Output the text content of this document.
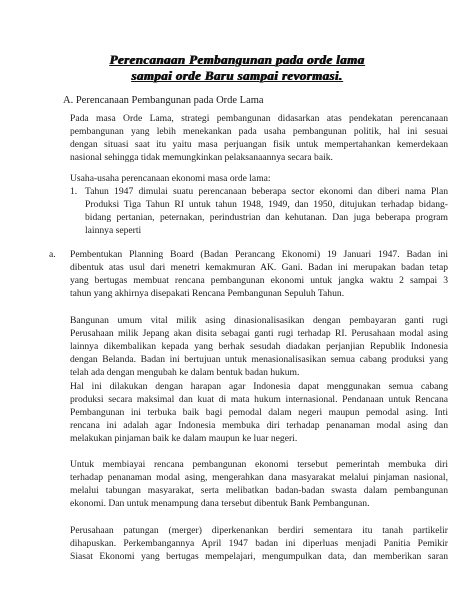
Perencanaan Pembangunan pada orde lama
sampai orde Baru sampai revormasi.
A. Perencanaan Pembangunan pada Orde Lama
Pada masa Orde Lama, strategi pembangunan didasarkan atas pendekatan perencanaan
pembangunan yang lebih menekankan pada usaha pembangunan politik, hal ini sesuai
dengan situasi saat itu yaitu masa perjuangan fisik untuk mempertahankan kemerdekaan
nasional sehingga tidak memungkinkan pelaksanaannya secara baik.
Usaha-usaha perencanaan ekonomi masa orde lama:
1. Tahun 1947 dimulai suatu perencanaan beberapa sector ekonomi dan diberi nama Plan
Produksi Tiga Tahun RI untuk tahun 1948, 1949, dan 1950, ditujukan terhadap bidang-
bidang pertanian, peternakan, perindustrian dan kehutanan. Dan juga beberapa program
lainnya seperti
a. Pembentukan Planning Board (Badan Perancang Ekonomi) 19 Januari 1947. Badan ini
dibentuk atas usul dari menetri kemakmuran AK. Gani. Badan ini merupakan badan tetap
yang bertugas membuat rencana pembangunan ekonomi untuk jangka waktu 2 sampai 3
tahun yang akhirnya disepakati Rencana Pembangunan Sepuluh Tahun.
Bangunan umum vital milik asing dinasionalisasikan dengan pembayaran ganti rugi
Perusahaan milik Jepang akan disita sebagai ganti rugi terhadap RI. Perusahaan modal asing
lainnya dikembalikan kepada yang berhak sesudah diadakan perjanjian Republik Indonesia
dengan Belanda. Badan ini bertujuan untuk menasionalisasikan semua cabang produksi yang
telah ada dengan mengubah ke dalam bentuk badan hukum.
Hal ini dilakukan dengan harapan agar Indonesia dapat menggunakan semua cabang
produksi secara maksimal dan kuat di mata hukum internasional. Pendanaan untuk Rencana
Pembangunan ini terbuka baik bagi pemodal dalam negeri maupun pemodal asing. Inti
rencana ini adalah agar Indonesia membuka diri terhadap penanaman modal asing dan
melakukan pinjaman baik ke dalam maupun ke luar negeri.
Untuk membiayai rencana pembangunan ekonomi tersebut pemerintah membuka diri
terhadap penanaman modal asing, mengerahkan dana masyarakat melalui pinjaman nasional,
melalui tabungan masyarakat, serta melibatkan badan-badan swasta dalam pembangunan
ekonomi. Dan untuk menampung dana tersebut dibentuk Bank Pembangunan.
Perusahaan patungan (merger) diperkenankan berdiri sementara itu tanah partikelir
dihapuskan. Perkembangannya April 1947 badan ini diperluas menjadi Panitia Pemikir
Siasat Ekonomi yang bertugas mempelajari, mengumpulkan data, dan memberikan saran
